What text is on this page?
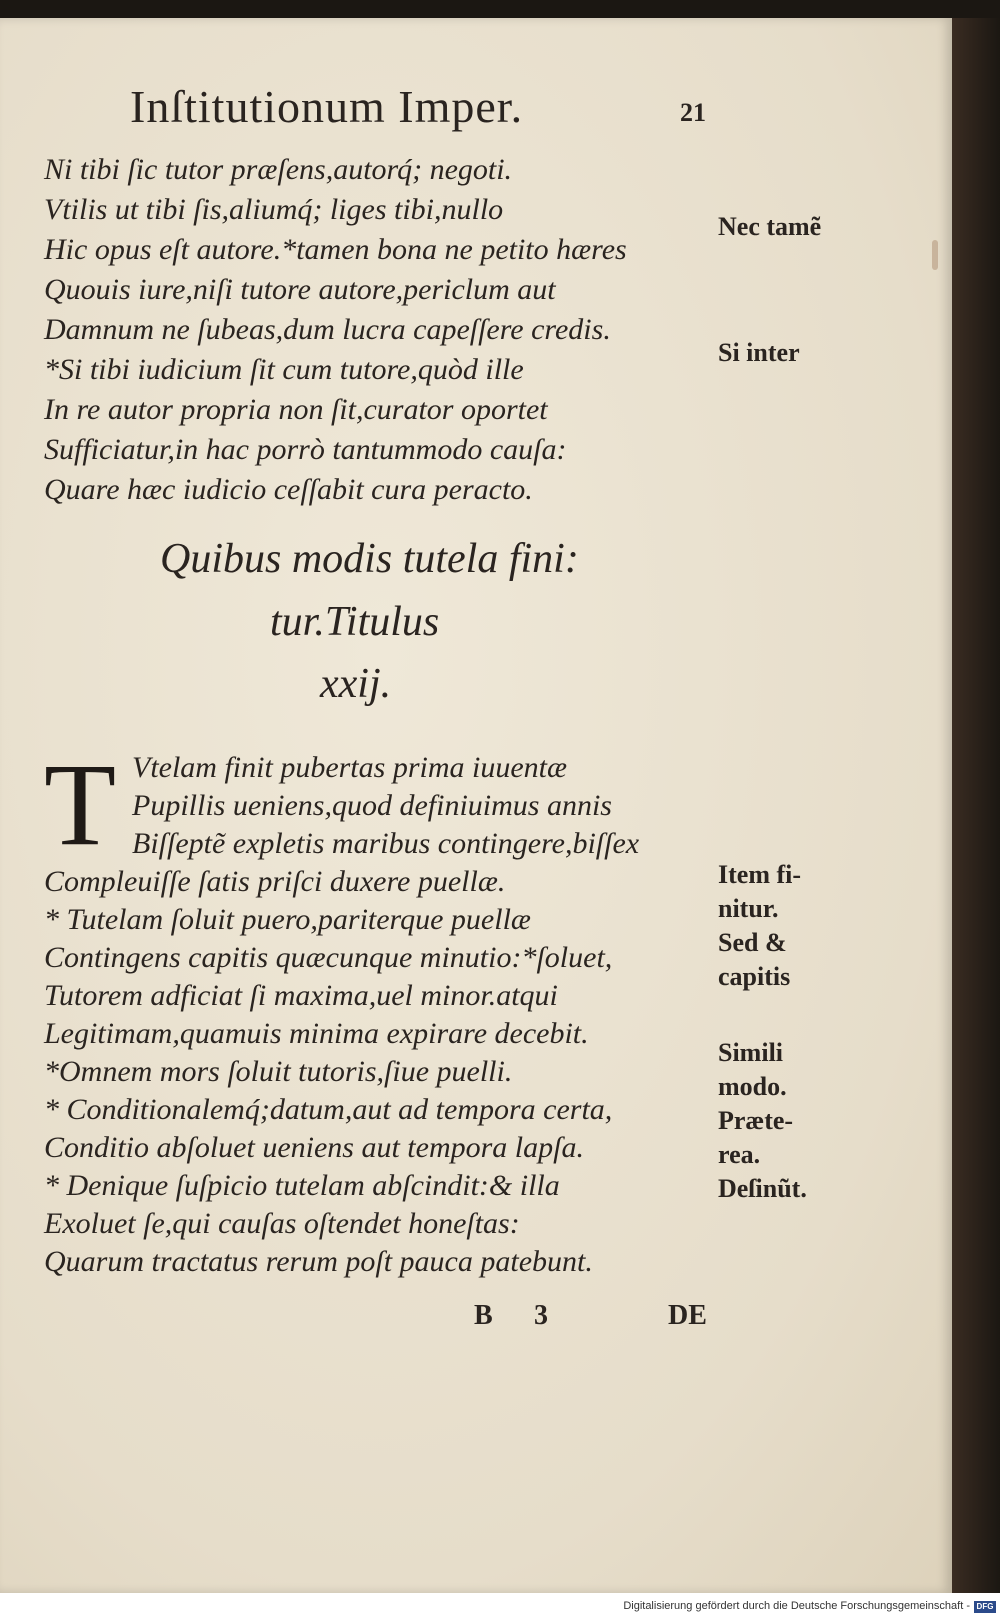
Inſtitutionum Imper.	21
Ni tibi ſic tutor præſens,autorq́; negoti.
Vtilis ut tibi ſis,aliumq́; liges tibi,nullo
Hic opus eſt autore.*tamen bona ne petito hæres
Quouis iure,niſi tutore autore,periclum aut
Damnum ne ſubeas,dum lucra capeſſere credis.
*Si tibi iudicium ſit cum tutore,quòd ille
In re autor propria non ſit,curator oportet
Sufficiatur,in hac porrò tantummodo cauſa:
Quare hæc iudicio ceſſabit cura peracto.
Quibus modis tutela fini:
tur.Titulus
xxij.
T Vtelam finit pubertas prima iuuentæ
Pupillis ueniens,quod definiuimus annis
Biſſeptẽ expletis maribus contingere,biſſex
Compleuiſſe ſatis priſci duxere puellæ.
* Tutelam ſoluit puero,pariterque puellæ
Contingens capitis quæcunque minutio:*ſoluet,
Tutorem adficiat ſi maxima,uel minor.atqui
Legitimam,quamuis minima expirare decebit.
*Omnem mors ſoluit tutoris,ſiue puelli.
* Conditionalemq́;datum,aut ad tempora certa,
Conditio abſoluet ueniens aut tempora lapſa.
* Denique ſuſpicio tutelam abſcindit:& illa
Exoluet ſe,qui cauſas oſtendet honeſtas:
Quarum tractatus rerum poſt pauca patebunt.
Nec tamẽ
Si inter
Item fi-
nitur.
Sed &
capitis
Simili
modo.
Præte-
rea.
Deſinũt.
B 3	DE
Digitalisierung gefördert durch die Deutsche Forschungsgemeinschaft - DFG
